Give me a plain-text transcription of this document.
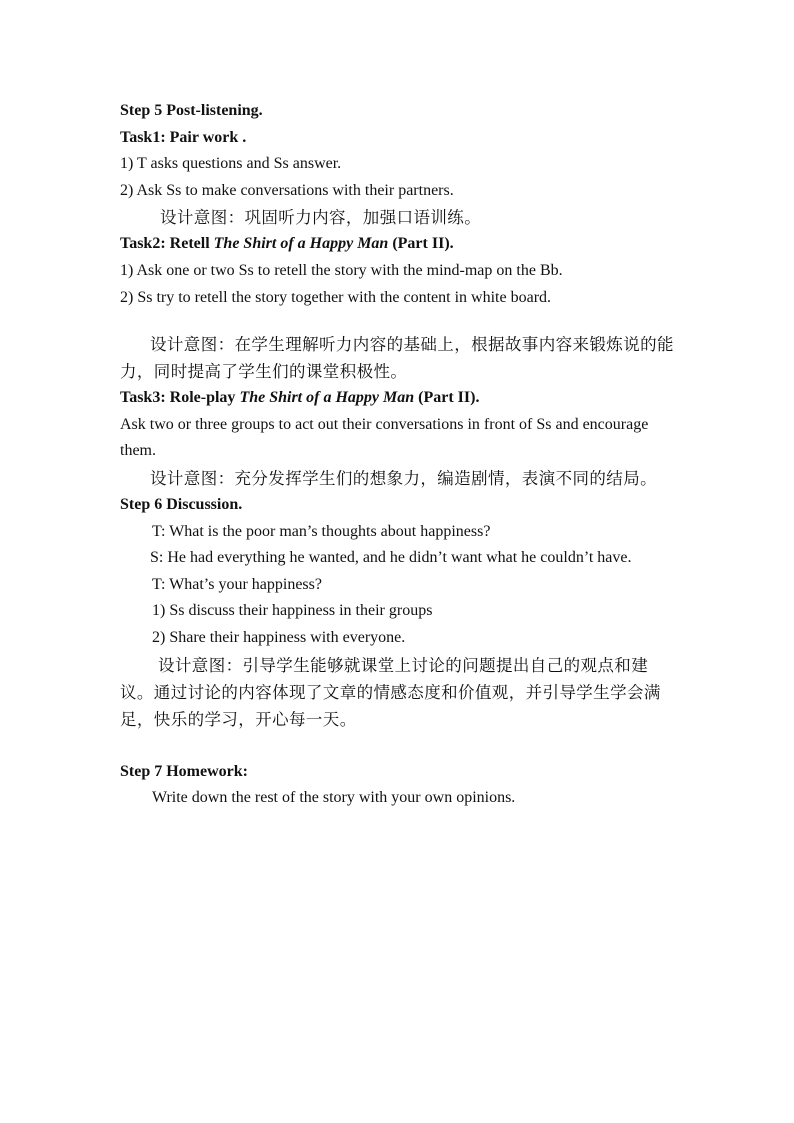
Step 5 Post-listening.
Task1: Pair work .
1) T asks questions and Ss answer.
2) Ask Ss to make conversations with their partners.
设计意图：巩固听力内容，加强口语训练。
Task2: Retell The Shirt of a Happy Man (Part II).
1) Ask one or two Ss to retell the story with the mind-map on the Bb.
2) Ss try to retell the story together with the content in white board.
设计意图：在学生理解听力内容的基础上，根据故事内容来锻炼说的能力，同时提高了学生们的课堂积极性。
Task3: Role-play The Shirt of a Happy Man (Part II).
Ask two or three groups to act out their conversations in front of Ss and encourage them.
设计意图：充分发挥学生们的想象力，编造剧情，表演不同的结局。
Step 6 Discussion.
T: What is the poor man’s thoughts about happiness?
S: He had everything he wanted, and he didn’t want what he couldn’t have.
T: What’s your happiness?
1) Ss discuss their happiness in their groups
2) Share their happiness with everyone.
设计意图：引导学生能够就课堂上讨论的问题提出自己的观点和建议。通过讨论的内容体现了文章的情感态度和价值观，并引导学生学会满足，快乐的学习，开心每一天。
Step 7 Homework:
Write down the rest of the story with your own opinions.
